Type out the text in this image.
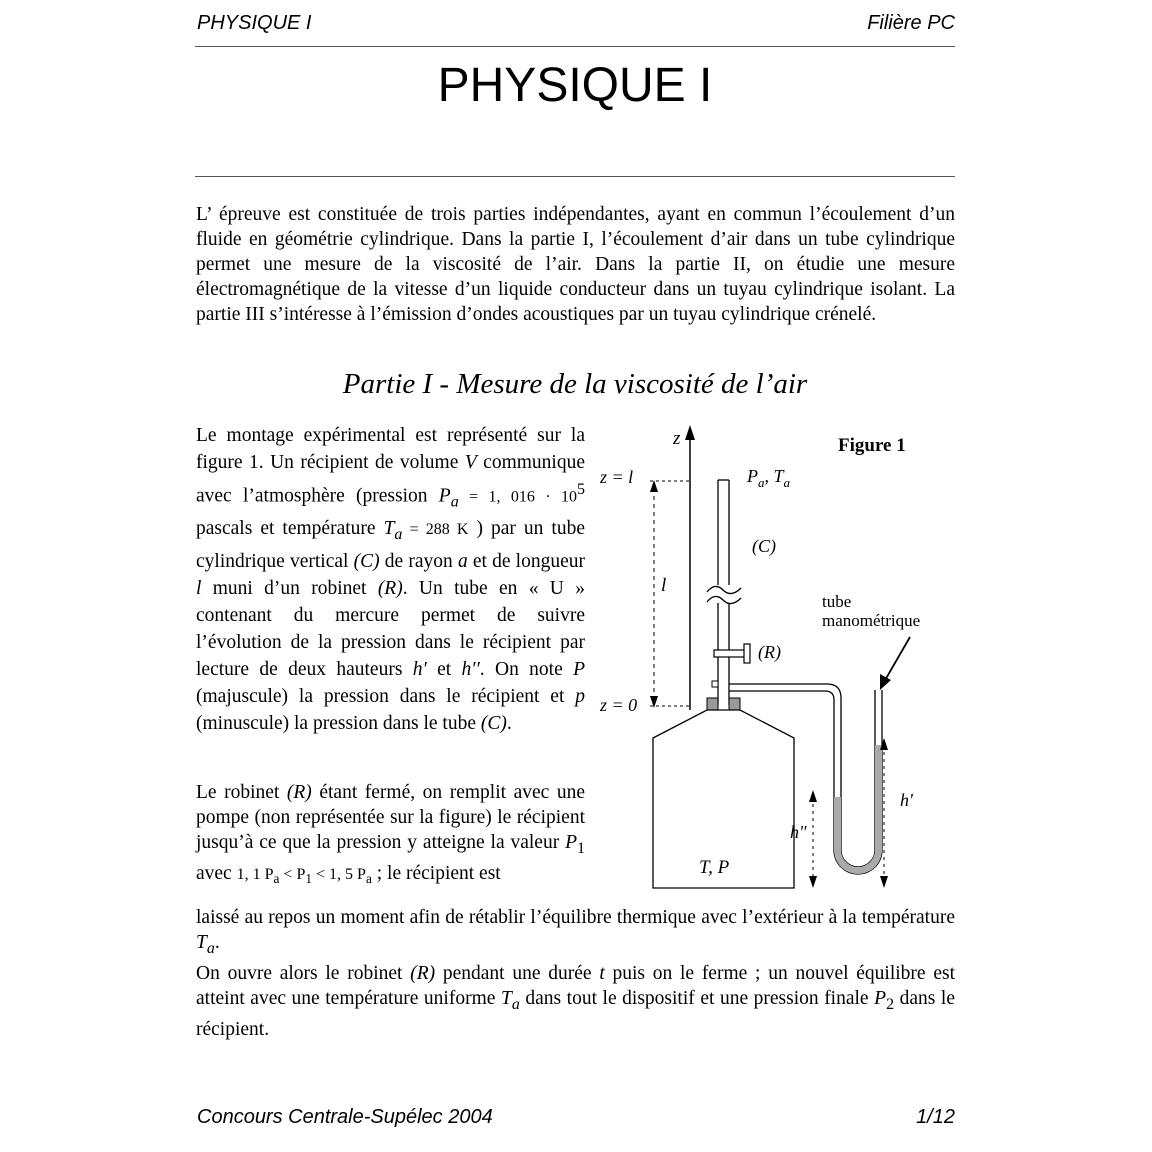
PHYSIQUE I	Filière PC
PHYSIQUE I
L’ épreuve est constituée de trois parties indépendantes, ayant en commun l’écoulement d’un fluide en géométrie cylindrique. Dans la partie I, l’écoulement d’air dans un tube cylindrique permet une mesure de la viscosité de l’air. Dans la partie II, on étudie une mesure électromagnétique de la vitesse d’un liquide conducteur dans un tuyau cylindrique isolant. La partie III s’intéresse à l’émission d’ondes acoustiques par un tuyau cylindrique crénelé.
Partie I - Mesure de la viscosité de l’air
Le montage expérimental est représenté sur la figure 1. Un récipient de volume V communique avec l’atmosphère (pression $P_a = 1$, $016 \cdot 10^5$ pascals et température $T_a = 288$ K ) par un tube cylindrique vertical (C) de rayon a et de longueur l muni d’un robinet (R). Un tube en « U » contenant du mercure permet de suivre l’évolution de la pression dans le récipient par lecture de deux hauteurs h′ et h′′. On note P (majuscule) la pression dans le récipient et p (minuscule) la pression dans le tube (C).
Le robinet (R) étant fermé, on remplit avec une pompe (non représentée sur la figure) le récipient jusqu’à ce que la pression y atteigne la valeur $P_1$ avec 1, 1 $P_a < P_1 < 1$, 5 $P_a$ ; le récipient est
laissé au repos un moment afin de rétablir l’équilibre thermique avec l’extérieur à la température $T_a$.
On ouvre alors le robinet (R) pendant une durée t puis on le ferme ; un nouvel équilibre est atteint avec une température uniforme $T_a$ dans tout le dispositif et une pression finale $P_2$ dans le récipient.
Figure 1
z
z = l
z = 0
l
$P_a$, $T_a$
(C)
(R)
T, P
tube
manométrique
h'
h"
Concours Centrale-Supélec 2004	1/12
